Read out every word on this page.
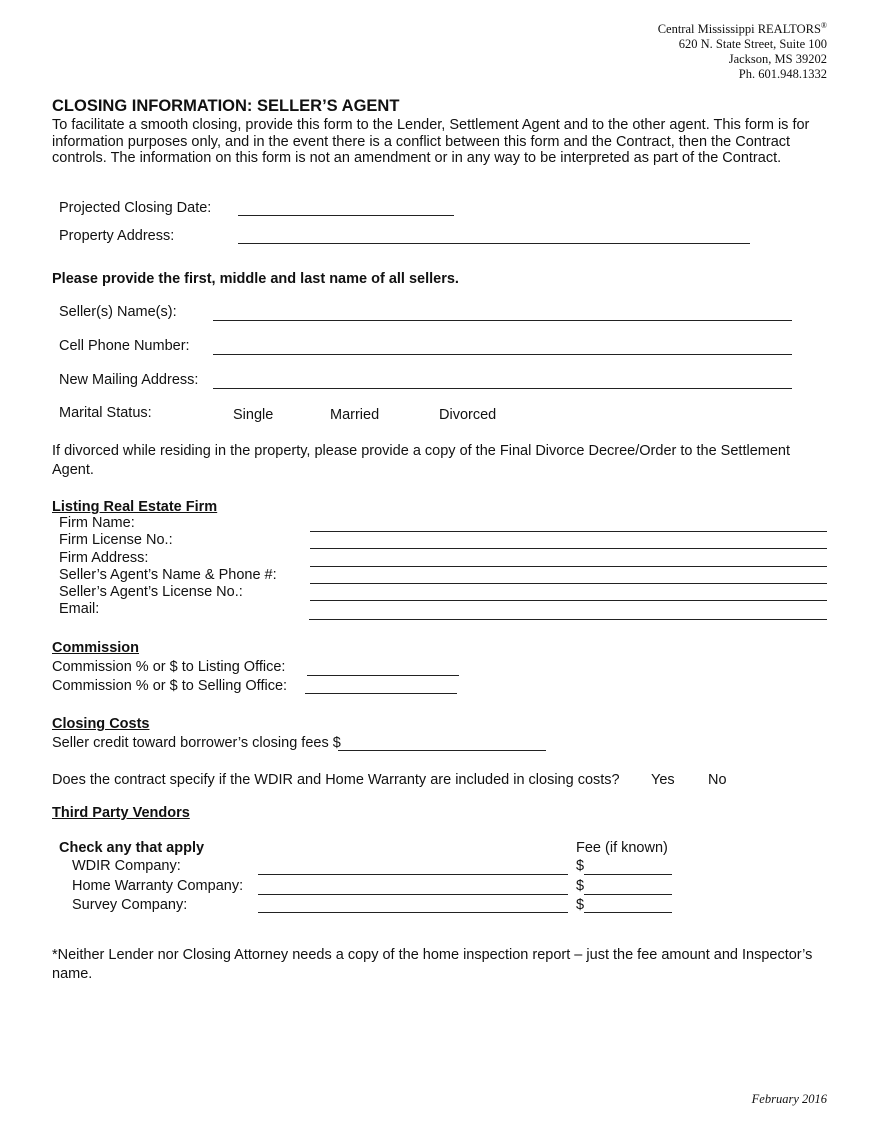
Central Mississippi REALTORS®
620 N. State Street, Suite 100
Jackson, MS 39202
Ph. 601.948.1332
CLOSING INFORMATION: SELLER’S AGENT
To facilitate a smooth closing, provide this form to the Lender, Settlement Agent and to the other agent. This form is for information purposes only, and in the event there is a conflict between this form and the Contract, then the Contract controls. The information on this form is not an amendment or in any way to be interpreted as part of the Contract.
Projected Closing Date:
Property Address:
Please provide the first, middle and last name of all sellers.
Seller(s) Name(s):
Cell Phone Number:
New Mailing Address:
Marital Status:	Single	Married	Divorced
If divorced while residing in the property, please provide a copy of the Final Divorce Decree/Order to the Settlement Agent.
Listing Real Estate Firm
Firm Name:
Firm License No.:
Firm Address:
Seller’s Agent’s Name & Phone #:
Seller’s Agent’s License No.:
Email:
Commission
Commission % or $ to Listing Office:
Commission % or $ to Selling Office:
Closing Costs
Seller credit toward borrower’s closing fees $
Does the contract specify if the WDIR and Home Warranty are included in closing costs? Yes No
Third Party Vendors
Check any that apply	Fee (if known)
WDIR Company:	$
Home Warranty Company:	$
Survey Company:	$
*Neither Lender nor Closing Attorney needs a copy of the home inspection report – just the fee amount and Inspector’s name.
February 2016
